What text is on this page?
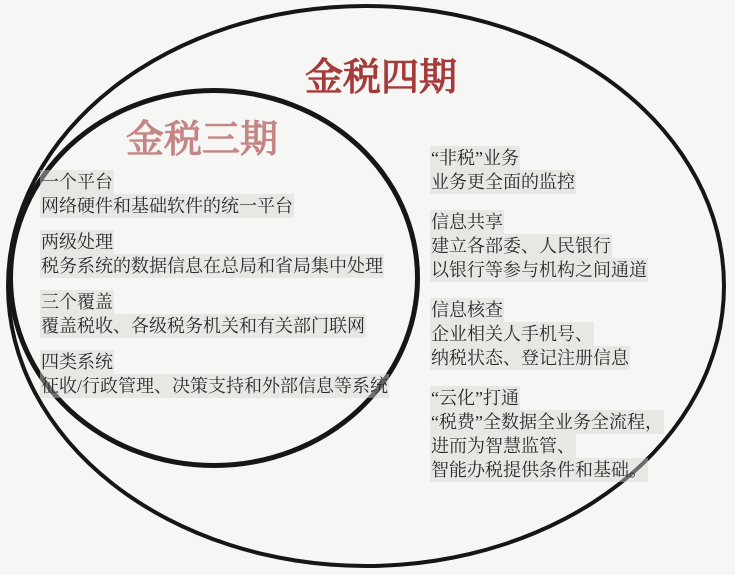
金税四期
金税三期
一个平台
网络硬件和基础软件的统一平台
两级处理
税务系统的数据信息在总局和省局集中处理
三个覆盖
覆盖税收、各级税务机关和有关部门联网
四类系统
征收/行政管理、决策支持和外部信息等系统
“非税”业务
业务更全面的监控
信息共享
建立各部委、人民银行
以银行等参与机构之间通道
信息核查
企业相关人手机号、
纳税状态、登记注册信息
“云化”打通
“税费”全数据全业务全流程，
进而为智慧监管、
智能办税提供条件和基础。
